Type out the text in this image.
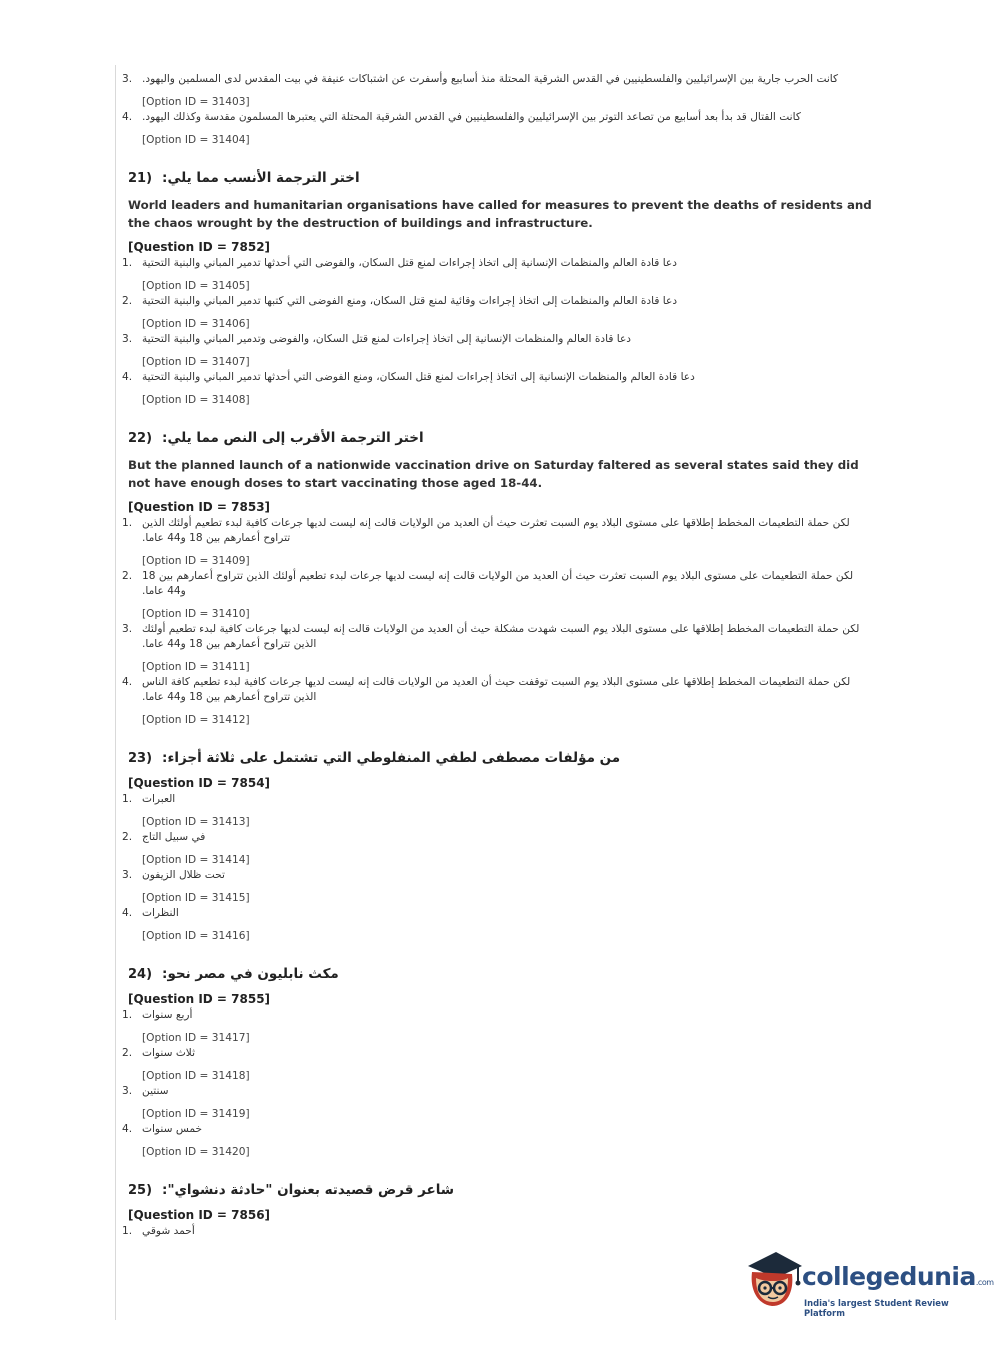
3. كانت الحرب جارية بين الإسرائيليين والفلسطينيين في القدس الشرقية المحتلة منذ أسابيع وأسفرت عن اشتباكات عنيفة في بيت المقدس لدى المسلمين واليهود.
[Option ID = 31403]
4. كانت القتال قد بدأ بعد أسابيع من تصاعد التوتر بين الإسرائيليين والفلسطينيين في القدس الشرقية المحتلة التي يعتبرها المسلمون مقدسة وكذلك اليهود.
[Option ID = 31404]
21) اختر الترجمة الأنسب مما يلي:
World leaders and humanitarian organisations have called for measures to prevent the deaths of residents and the chaos wrought by the destruction of buildings and infrastructure.
[Question ID = 7852]
1. دعا قادة العالم والمنظمات الإنسانية إلى اتخاذ إجراءات لمنع قتل السكان، والفوضى التي أحدثها تدمير المباني والبنية التحتية
[Option ID = 31405]
2. دعا قادة العالم والمنظمات إلى اتخاذ إجراءات وقائية لمنع قتل السكان، ومنع الفوضى التي كتبها تدمير المباني والبنية التحتية
[Option ID = 31406]
3. دعا قادة العالم والمنظمات الإنسانية إلى اتخاذ إجراءات لمنع قتل السكان، والفوضى وتدمير المباني والبنية التحتية
[Option ID = 31407]
4. دعا قادة العالم والمنظمات الإنسانية إلى اتخاذ إجراءات لمنع قتل السكان، ومنع الفوضى التي أحدثها تدمير المباني والبنية التحتية
[Option ID = 31408]
22) اختر الترجمة الأقرب إلى النص مما يلي:
But the planned launch of a nationwide vaccination drive on Saturday faltered as several states said they did not have enough doses to start vaccinating those aged 18-44.
[Question ID = 7853]
1. لكن حملة التطعيمات المخطط إطلاقها على مستوى البلاد يوم السبت تعثرت حيث أن العديد من الولايات قالت إنه ليست لديها جرعات كافية لبدء تطعيم أولئك الذين تتراوح أعمارهم بين 18 و44 عاما.
[Option ID = 31409]
2. لكن حملة التطعيمات على مستوى البلاد يوم السبت تعثرت حيث أن العديد من الولايات قالت إنه ليست لديها جرعات لبدء تطعيم أولئك الذين تتراوح أعمارهم بين 18 و44 عاما.
[Option ID = 31410]
3. لكن حملة التطعيمات المخطط إطلاقها على مستوى البلاد يوم السبت شهدت مشكلة حيث أن العديد من الولايات قالت إنه ليست لديها جرعات كافية لبدء تطعيم أولئك الذين تتراوح أعمارهم بين 18 و44 عاما.
[Option ID = 31411]
4. لكن حملة التطعيمات المخطط إطلاقها على مستوى البلاد يوم السبت توقفت حيث أن العديد من الولايات قالت إنه ليست لديها جرعات كافية لبدء تطعيم كافة الناس الذين تتراوح أعمارهم بين 18 و44 عاما.
[Option ID = 31412]
23) من مؤلفات مصطفى لطفي المنفلوطي التي تشتمل على ثلاثة أجزاء:
[Question ID = 7854]
1. العبرات
[Option ID = 31413]
2. في سبيل التاج
[Option ID = 31414]
3. تحت ظلال الزيفون
[Option ID = 31415]
4. النظرات
[Option ID = 31416]
24) مكث نابليون في مصر نحو:
[Question ID = 7855]
1. أربع سنوات
[Option ID = 31417]
2. ثلاث سنوات
[Option ID = 31418]
3. سنتين
[Option ID = 31419]
4. خمس سنوات
[Option ID = 31420]
25) شاعر قرض قصيدته بعنوان "حادثة دنشواي":
[Question ID = 7856]
1. أحمد شوقي
collegedunia.com
India's largest Student Review Platform
